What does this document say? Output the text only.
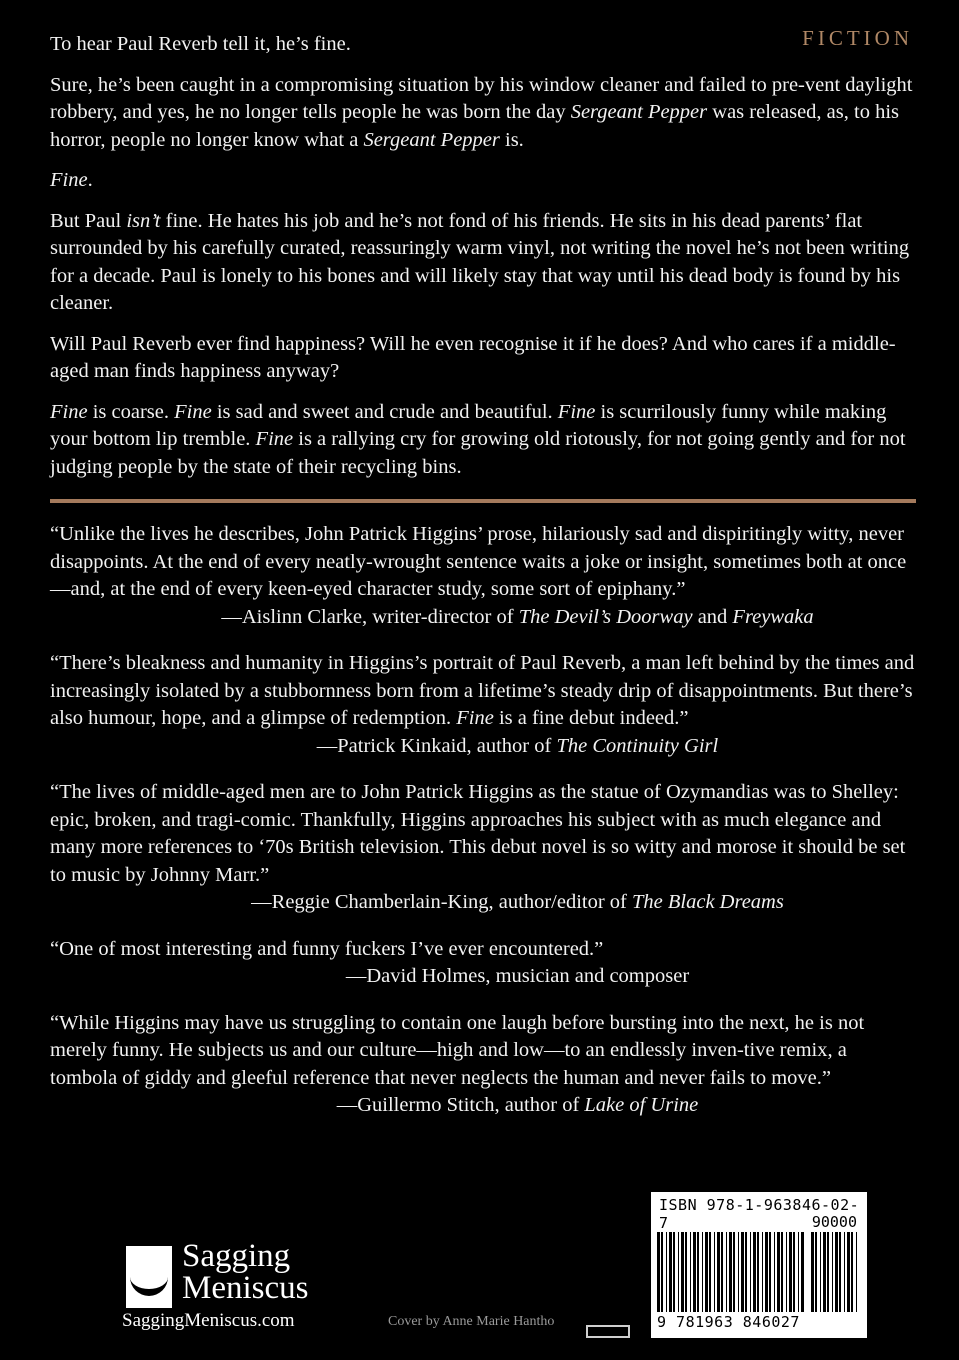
FICTION

To hear Paul Reverb tell it, he’s fine.

Sure, he’s been caught in a compromising situation by his window cleaner and failed to pre-vent daylight robbery, and yes, he no longer tells people he was born the day Sergeant Pepper was released, as, to his horror, people no longer know what a Sergeant Pepper is.

Fine.

But Paul isn’t fine. He hates his job and he’s not fond of his friends. He sits in his dead parents’ flat surrounded by his carefully curated, reassuringly warm vinyl, not writing the novel he’s not been writing for a decade. Paul is lonely to his bones and will likely stay that way until his dead body is found by his cleaner.

Will Paul Reverb ever find happiness? Will he even recognise it if he does? And who cares if a middle-aged man finds happiness anyway?

Fine is coarse. Fine is sad and sweet and crude and beautiful. Fine is scurrilously funny while making your bottom lip tremble. Fine is a rallying cry for growing old riotously, for not going gently and for not judging people by the state of their recycling bins.

“Unlike the lives he describes, John Patrick Higgins’ prose, hilariously sad and dispiritingly witty, never disappoints. At the end of every neatly-wrought sentence waits a joke or insight, sometimes both at once—and, at the end of every keen-eyed character study, some sort of epiphany.”

—Aislinn Clarke, writer-director of The Devil’s Doorway and Freywaka

“There’s bleakness and humanity in Higgins’s portrait of Paul Reverb, a man left behind by the times and increasingly isolated by a stubbornness born from a lifetime’s steady drip of disappointments. But there’s also humour, hope, and a glimpse of redemption. Fine is a fine debut indeed.”

—Patrick Kinkaid, author of The Continuity Girl

“The lives of middle-aged men are to John Patrick Higgins as the statue of Ozymandias was to Shelley: epic, broken, and tragi-comic. Thankfully, Higgins approaches his subject with as much elegance and many more references to ‘70s British television. This debut novel is so witty and morose it should be set to music by Johnny Marr.”

—Reggie Chamberlain-King, author/editor of The Black Dreams

“One of most interesting and funny fuckers I’ve ever encountered.”

—David Holmes, musician and composer

“While Higgins may have us struggling to contain one laugh before bursting into the next, he is not merely funny. He subjects us and our culture—high and low—to an endlessly inven-tive remix, a tombola of giddy and gleeful reference that never neglects the human and never fails to move.”

—Guillermo Stitch, author of Lake of Urine

Sagging
Meniscus
SaggingMeniscus.com	Cover by Anne Marie Hantho
ISBN 978-1-963846-02-7	90000
9 781963 846027
